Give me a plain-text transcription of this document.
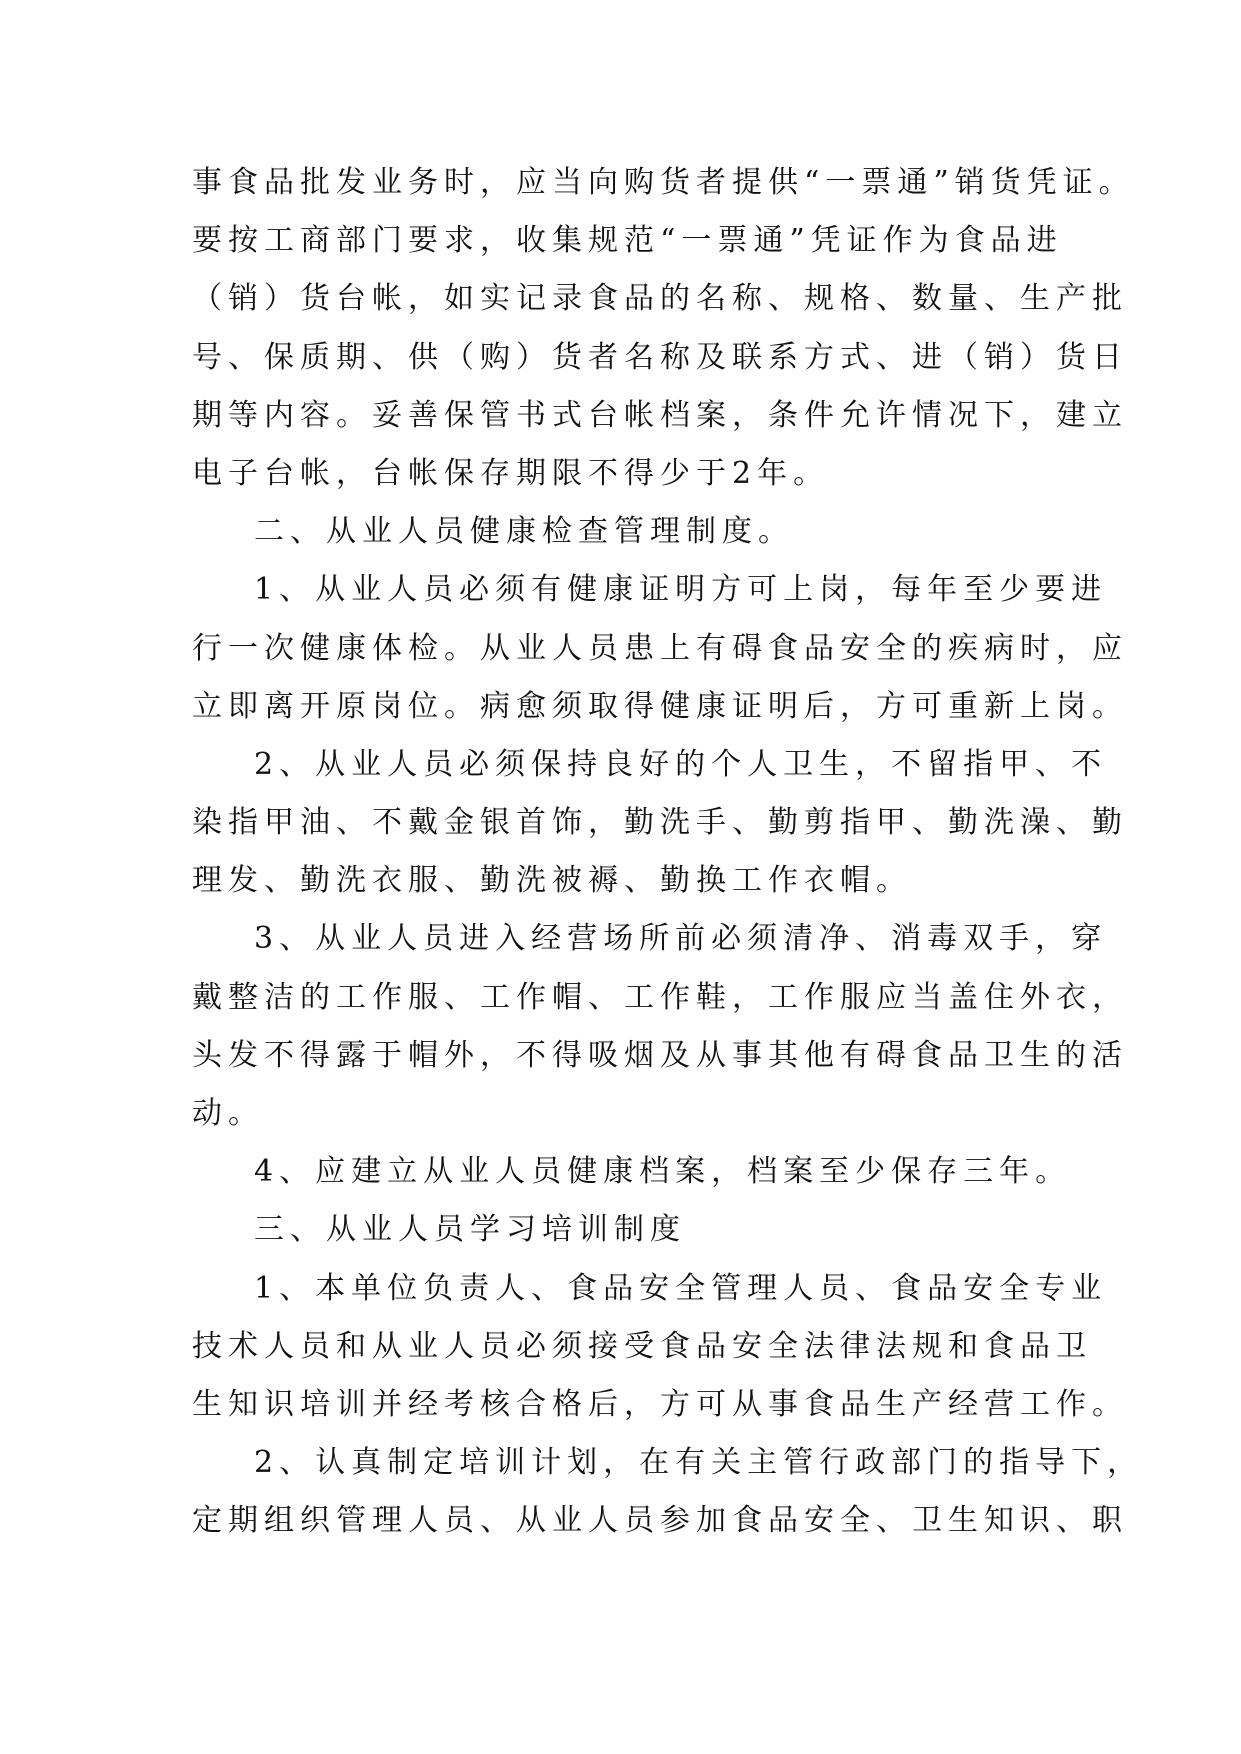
事食品批发业务时，应当向购货者提供“一票通”销货凭证。
要按工商部门要求，收集规范“一票通”凭证作为食品进
（销）货台帐，如实记录食品的名称、规格、数量、生产批
号、保质期、供（购）货者名称及联系方式、进（销）货日
期等内容。妥善保管书式台帐档案，条件允许情况下，建立
电子台帐，台帐保存期限不得少于2年。
二、从业人员健康检查管理制度。
1、从业人员必须有健康证明方可上岗，每年至少要进
行一次健康体检。从业人员患上有碍食品安全的疾病时，应
立即离开原岗位。病愈须取得健康证明后，方可重新上岗。
2、从业人员必须保持良好的个人卫生，不留指甲、不
染指甲油、不戴金银首饰，勤洗手、勤剪指甲、勤洗澡、勤
理发、勤洗衣服、勤洗被褥、勤换工作衣帽。
3、从业人员进入经营场所前必须清净、消毒双手，穿
戴整洁的工作服、工作帽、工作鞋，工作服应当盖住外衣，
头发不得露于帽外，不得吸烟及从事其他有碍食品卫生的活
动。
4、应建立从业人员健康档案，档案至少保存三年。
三、从业人员学习培训制度
1、本单位负责人、食品安全管理人员、食品安全专业
技术人员和从业人员必须接受食品安全法律法规和食品卫
生知识培训并经考核合格后，方可从事食品生产经营工作。
2、认真制定培训计划，在有关主管行政部门的指导下，
定期组织管理人员、从业人员参加食品安全、卫生知识、职
